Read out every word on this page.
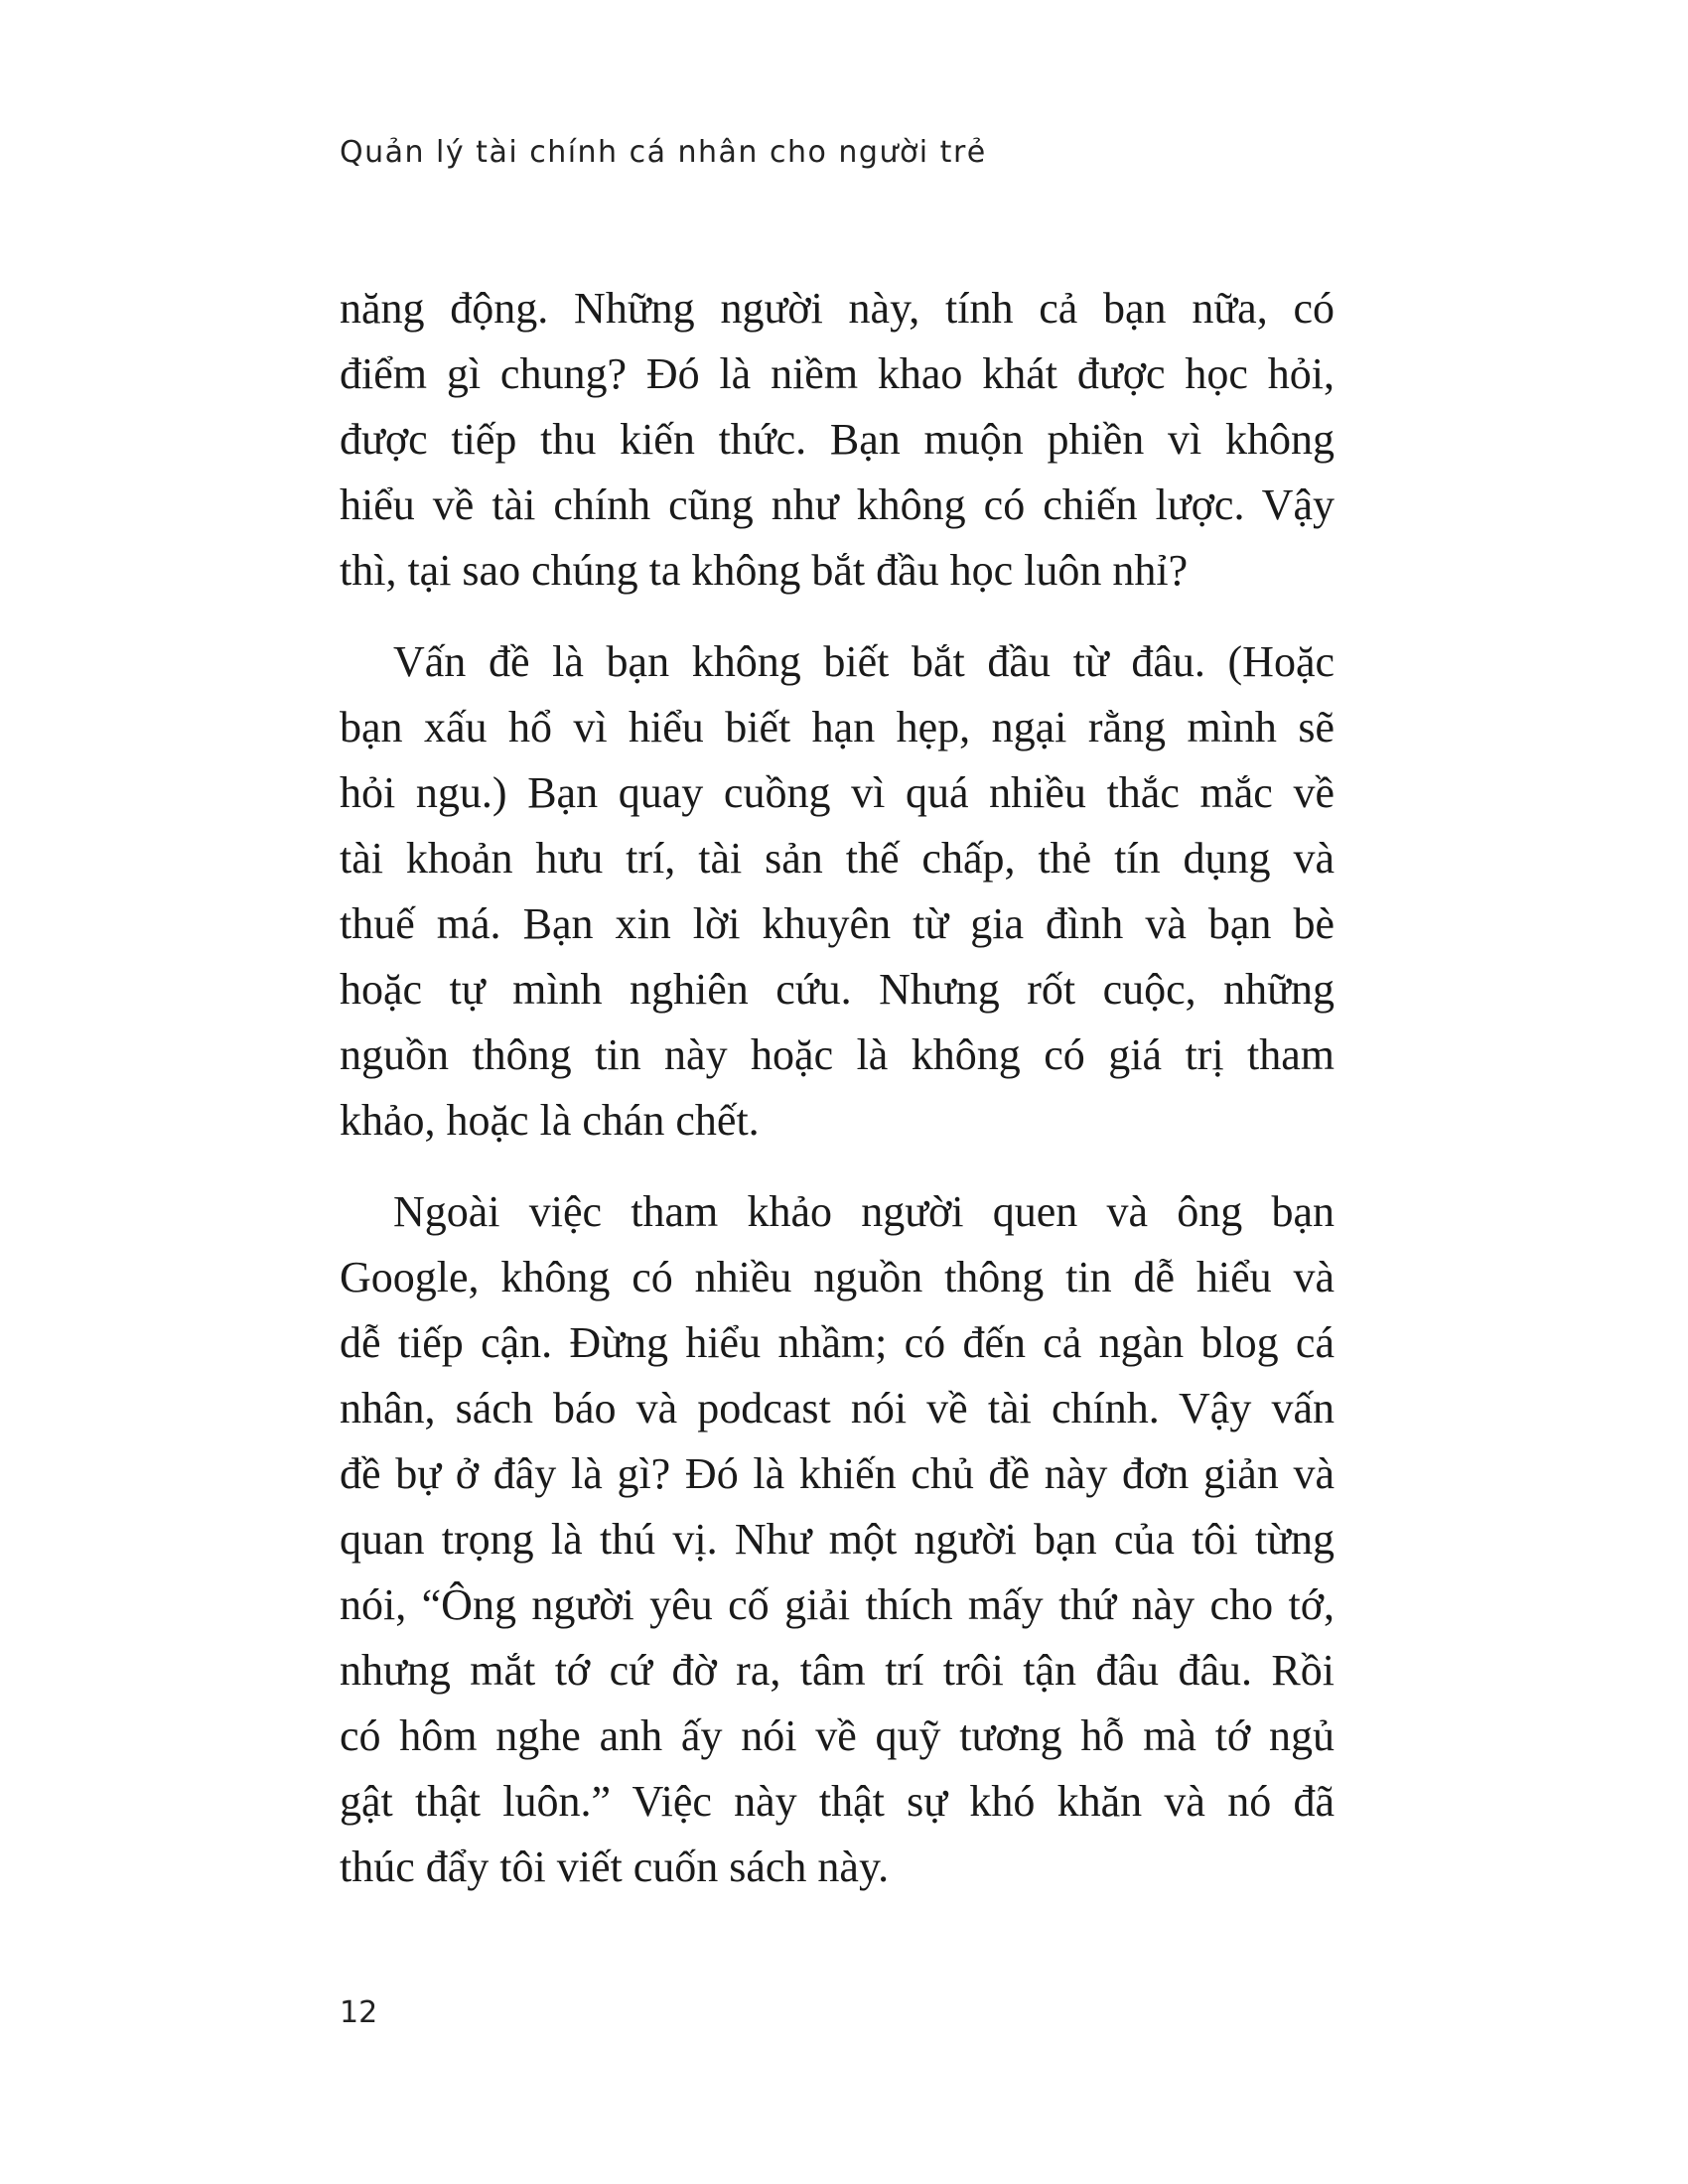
Quản lý tài chính cá nhân cho người trẻ
năng động. Những người này, tính cả bạn nữa, có
điểm gì chung? Đó là niềm khao khát được học hỏi,
được tiếp thu kiến thức. Bạn muộn phiền vì không
hiểu về tài chính cũng như không có chiến lược. Vậy
thì, tại sao chúng ta không bắt đầu học luôn nhỉ?
Vấn đề là bạn không biết bắt đầu từ đâu. (Hoặc
bạn xấu hổ vì hiểu biết hạn hẹp, ngại rằng mình sẽ
hỏi ngu.) Bạn quay cuồng vì quá nhiều thắc mắc về
tài khoản hưu trí, tài sản thế chấp, thẻ tín dụng và
thuế má. Bạn xin lời khuyên từ gia đình và bạn bè
hoặc tự mình nghiên cứu. Nhưng rốt cuộc, những
nguồn thông tin này hoặc là không có giá trị tham
khảo, hoặc là chán chết.
Ngoài việc tham khảo người quen và ông bạn
Google, không có nhiều nguồn thông tin dễ hiểu và
dễ tiếp cận. Đừng hiểu nhầm; có đến cả ngàn blog cá
nhân, sách báo và podcast nói về tài chính. Vậy vấn
đề bự ở đây là gì? Đó là khiến chủ đề này đơn giản và
quan trọng là thú vị. Như một người bạn của tôi từng
nói, “Ông người yêu cố giải thích mấy thứ này cho tớ,
nhưng mắt tớ cứ đờ ra, tâm trí trôi tận đâu đâu. Rồi
có hôm nghe anh ấy nói về quỹ tương hỗ mà tớ ngủ
gật thật luôn.” Việc này thật sự khó khăn và nó đã
thúc đẩy tôi viết cuốn sách này.
12
